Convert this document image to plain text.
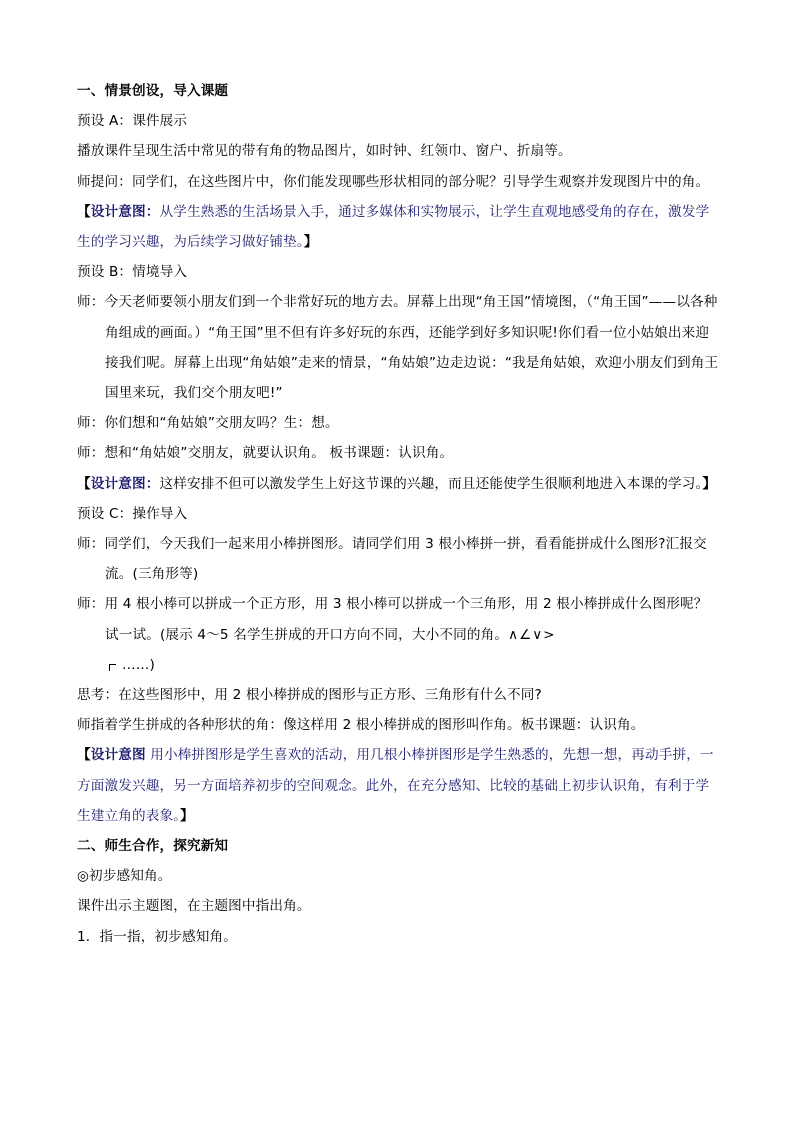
一、情景创设，导入课题

预设 A：课件展示

播放课件呈现生活中常见的带有角的物品图片，如时钟、红领巾、窗户、折扇等。

师提问：同学们，在这些图片中，你们能发现哪些形状相同的部分呢？引导学生观察并发现图片中的角。

【设计意图：从学生熟悉的生活场景入手，通过多媒体和实物展示，让学生直观地感受角的存在，激发学生的学习兴趣，为后续学习做好铺垫。】

预设 B：情境导入

师：今天老师要领小朋友们到一个非常好玩的地方去。屏幕上出现“角王国”情境图，（“角王国”——以各种角组成的画面。）“角王国”里不但有许多好玩的东西，还能学到好多知识呢!你们看一位小姑娘出来迎接我们呢。屏幕上出现“角姑娘”走来的情景，“角姑娘”边走边说：“我是角姑娘，欢迎小朋友们到角王国里来玩，我们交个朋友吧!”

师：你们想和“角姑娘”交朋友吗？生：想。

师：想和“角姑娘”交朋友，就要认识角。 板书课题：认识角。

【设计意图：这样安排不但可以激发学生上好这节课的兴趣，而且还能使学生很顺利地进入本课的学习。】

预设 C：操作导入

师：同学们，今天我们一起来用小棒拼图形。请同学们用 3 根小棒拼一拼，看看能拼成什么图形?汇报交流。(三角形等)

师：用 4 根小棒可以拼成一个正方形，用 3 根小棒可以拼成一个三角形，用 2 根小棒拼成什么图形呢？试一试。(展示 4～5 名学生拼成的开口方向不同，大小不同的角。∧∠∨>
……)

思考：在这些图形中，用 2 根小棒拼成的图形与正方形、三角形有什么不同?

师指着学生拼成的各种形状的角：像这样用 2 根小棒拼成的图形叫作角。板书课题：认识角。

【设计意图 用小棒拼图形是学生喜欢的活动，用几根小棒拼图形是学生熟悉的，先想一想，再动手拼，一方面激发兴趣，另一方面培养初步的空间观念。此外，在充分感知、比较的基础上初步认识角，有利于学生建立角的表象。】

二、师生合作，探究新知

◎初步感知角。

课件出示主题图，在主题图中指出角。

1．指一指，初步感知角。
